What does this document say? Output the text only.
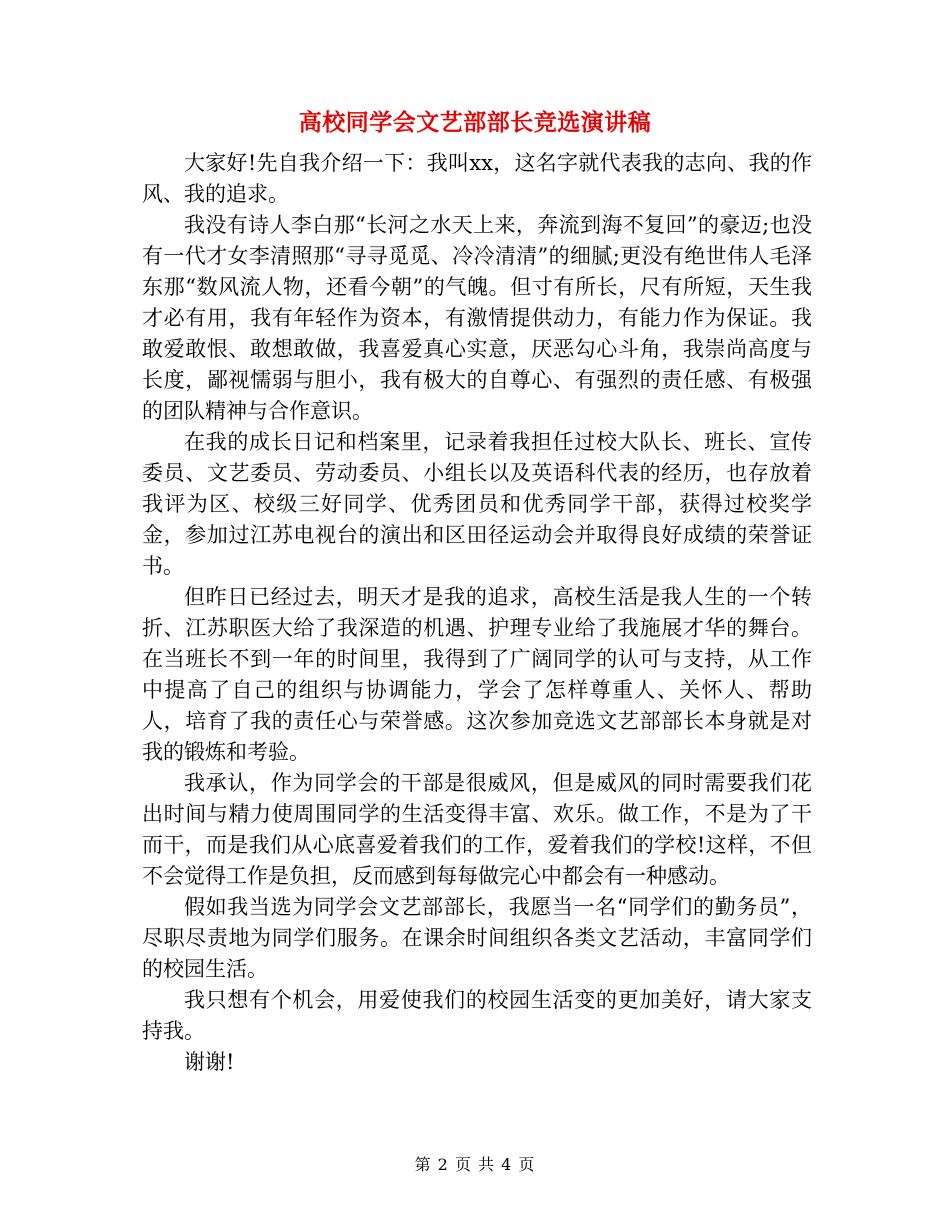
高校同学会文艺部部长竞选演讲稿

大家好!先自我介绍一下：我叫xx，这名字就代表我的志向、我的作风、我的追求。

我没有诗人李白那“长河之水天上来，奔流到海不复回”的豪迈;也没有一代才女李清照那“寻寻觅觅、冷冷清清”的细腻;更没有绝世伟人毛泽东那“数风流人物，还看今朝”的气魄。但寸有所长，尺有所短，天生我才必有用，我有年轻作为资本，有激情提供动力，有能力作为保证。我敢爱敢恨、敢想敢做，我喜爱真心实意，厌恶勾心斗角，我崇尚高度与长度，鄙视懦弱与胆小，我有极大的自尊心、有强烈的责任感、有极强的团队精神与合作意识。

在我的成长日记和档案里，记录着我担任过校大队长、班长、宣传委员、文艺委员、劳动委员、小组长以及英语科代表的经历，也存放着我评为区、校级三好同学、优秀团员和优秀同学干部，获得过校奖学金，参加过江苏电视台的演出和区田径运动会并取得良好成绩的荣誉证书。

但昨日已经过去，明天才是我的追求，高校生活是我人生的一个转折、江苏职医大给了我深造的机遇、护理专业给了我施展才华的舞台。在当班长不到一年的时间里，我得到了广阔同学的认可与支持，从工作中提高了自己的组织与协调能力，学会了怎样尊重人、关怀人、帮助人，培育了我的责任心与荣誉感。这次参加竞选文艺部部长本身就是对我的锻炼和考验。

我承认，作为同学会的干部是很威风，但是威风的同时需要我们花出时间与精力使周围同学的生活变得丰富、欢乐。做工作，不是为了干而干，而是我们从心底喜爱着我们的工作，爱着我们的学校!这样，不但不会觉得工作是负担，反而感到每每做完心中都会有一种感动。

假如我当选为同学会文艺部部长，我愿当一名“同学们的勤务员”，尽职尽责地为同学们服务。在课余时间组织各类文艺活动，丰富同学们的校园生活。

我只想有个机会，用爱使我们的校园生活变的更加美好，请大家支持我。

谢谢!

第 2 页 共 4 页
